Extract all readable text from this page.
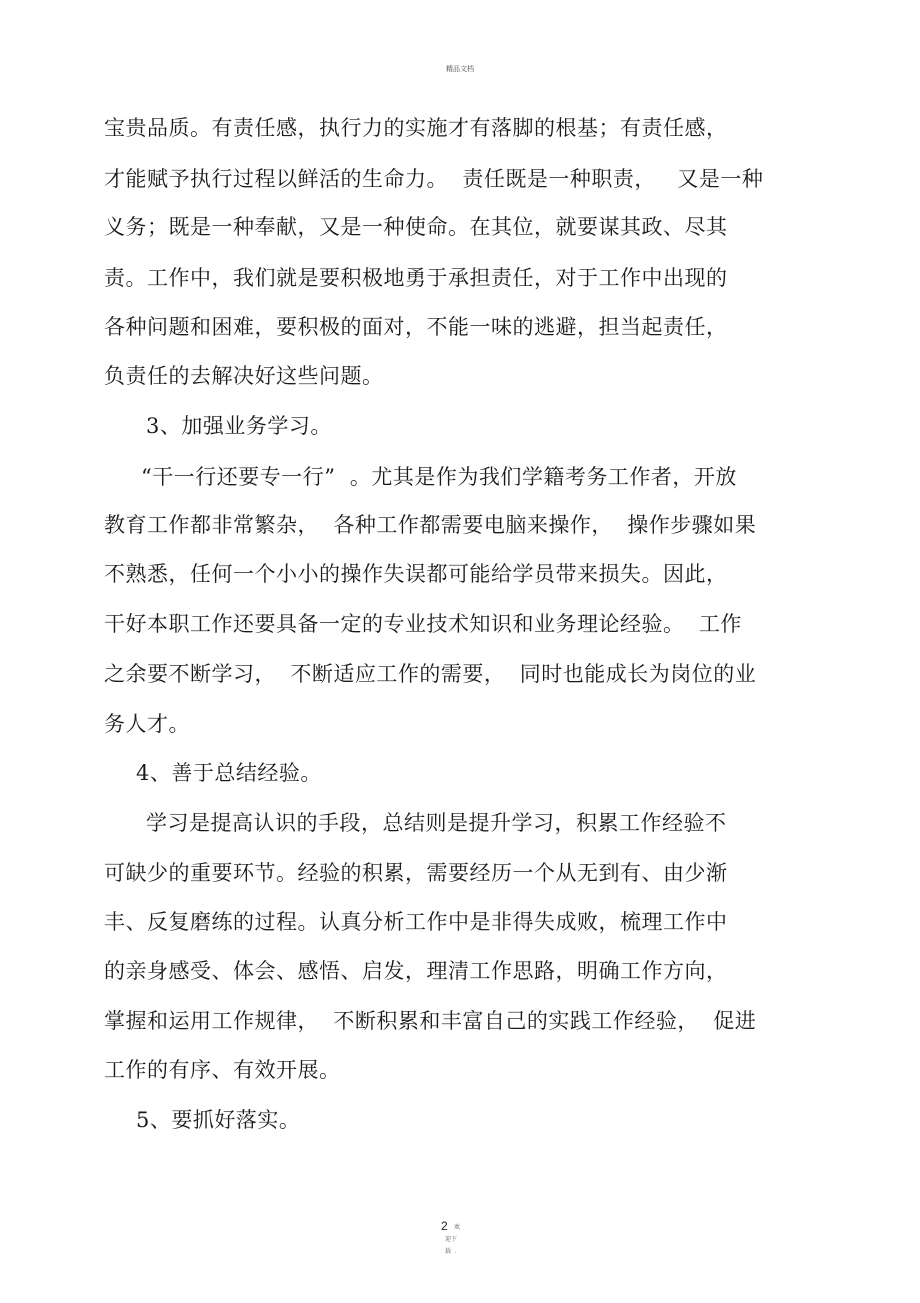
精品文档
宝贵品质。有责任感，执行力的实施才有落脚的根基；有责任感，
才能赋予执行过程以鲜活的生命力。  责任既是一种职责，   又是一种
义务；既是一种奉献，又是一种使命。在其位，就要谋其政、尽其
责。工作中，我们就是要积极地勇于承担责任，对于工作中出现的
各种问题和困难，要积极的面对，不能一味的逃避，担当起责任，
负责任的去解决好这些问题。
3、加强业务学习。
“干一行还要专一行”  。尤其是作为我们学籍考务工作者，开放
教育工作都非常繁杂，  各种工作都需要电脑来操作，  操作步骤如果
不熟悉，任何一个小小的操作失误都可能给学员带来损失。因此，
干好本职工作还要具备一定的专业技术知识和业务理论经验。  工作
之余要不断学习，  不断适应工作的需要，  同时也能成长为岗位的业
务人才。
4、善于总结经验。
学习是提高认识的手段，总结则是提升学习，积累工作经验不
可缺少的重要环节。经验的积累，需要经历一个从无到有、由少渐
丰、反复磨练的过程。认真分析工作中是非得失成败，梳理工作中
的亲身感受、体会、感悟、启发，理清工作思路，明确工作方向，
掌握和运用工作规律，  不断积累和丰富自己的实践工作经验，  促进
工作的有序、有效开展。
5、要抓好落实。
2 欢
迎下
载  .
